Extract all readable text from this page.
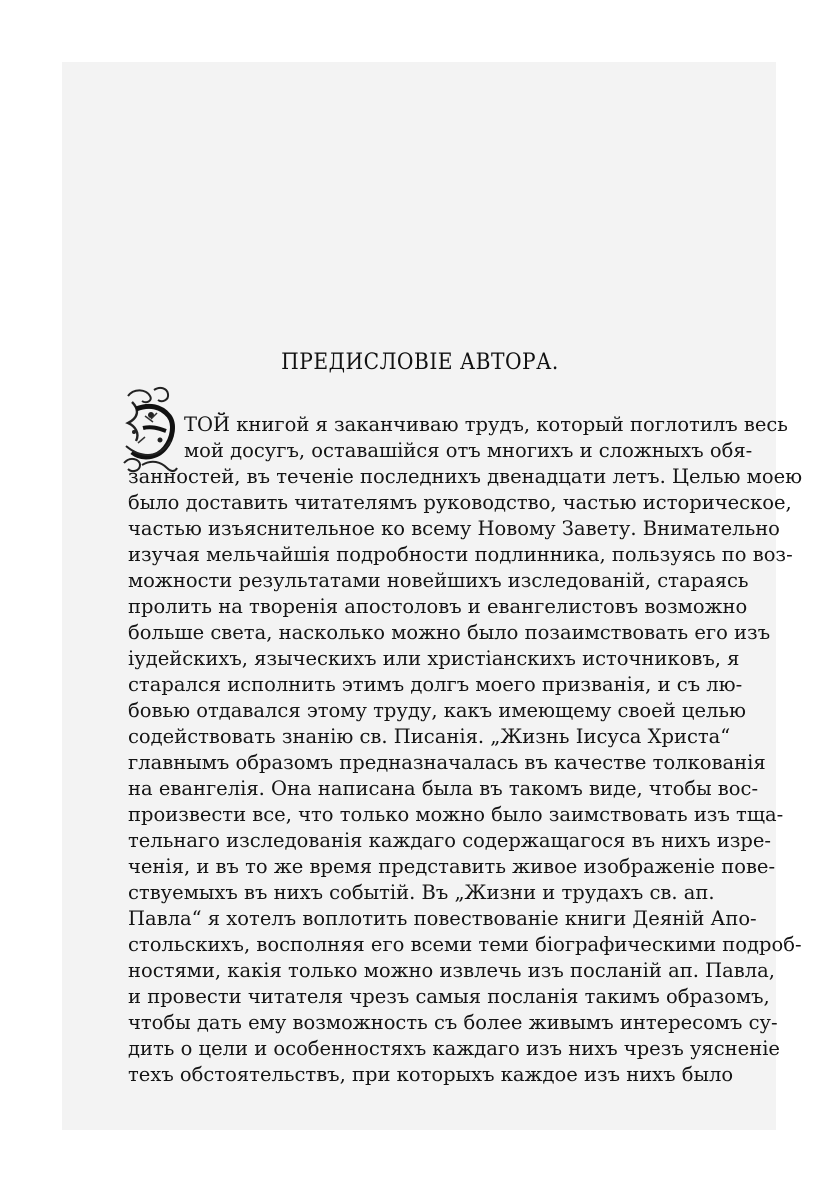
ПРЕДИСЛОВІЕ АВТОРА.
ТОЙ книгой я заканчиваю трудъ, который поглотилъ весь
мой досугъ, оставашійся отъ многихъ и сложныхъ обя-
занностей, въ теченіе последнихъ двенадцати летъ. Целью моею
было доставить читателямъ руководство, частью историческое,
частью изъяснительное ко всему Новому Завету. Внимательно
изучая мельчайшія подробности подлинника, пользуясь по воз-
можности результатами новейшихъ изследованій, стараясь
пролить на творенія апостоловъ и евангелистовъ возможно
больше света, насколько можно было позаимствовать его изъ
іудейскихъ, языческихъ или христіанскихъ источниковъ, я
старался исполнить этимъ долгъ моего призванія, и съ лю-
бовью отдавался этому труду, какъ имеющему своей целью
содействовать знанію св. Писанія. „Жизнь Іисуса Христа“
главнымъ образомъ предназначалась въ качестве толкованія
на евангелія. Она написана была въ такомъ виде, чтобы вос-
произвести все, что только можно было заимствовать изъ тща-
тельнаго изследованія каждаго содержащагося въ нихъ изре-
ченія, и въ то же время представить живое изображеніе пове-
ствуемыхъ въ нихъ событій. Въ „Жизни и трудахъ св. ап.
Павла“ я хотелъ воплотить повествованіе книги Деяній Апо-
стольскихъ, восполняя его всеми теми біографическими подроб-
ностями, какія только можно извлечь изъ посланій ап. Павла,
и провести читателя чрезъ самыя посланія такимъ образомъ,
чтобы дать ему возможность съ более живымъ интересомъ су-
дить о цели и особенностяхъ каждаго изъ нихъ чрезъ уясненіе
техъ обстоятельствъ, при которыхъ каждое изъ нихъ было
